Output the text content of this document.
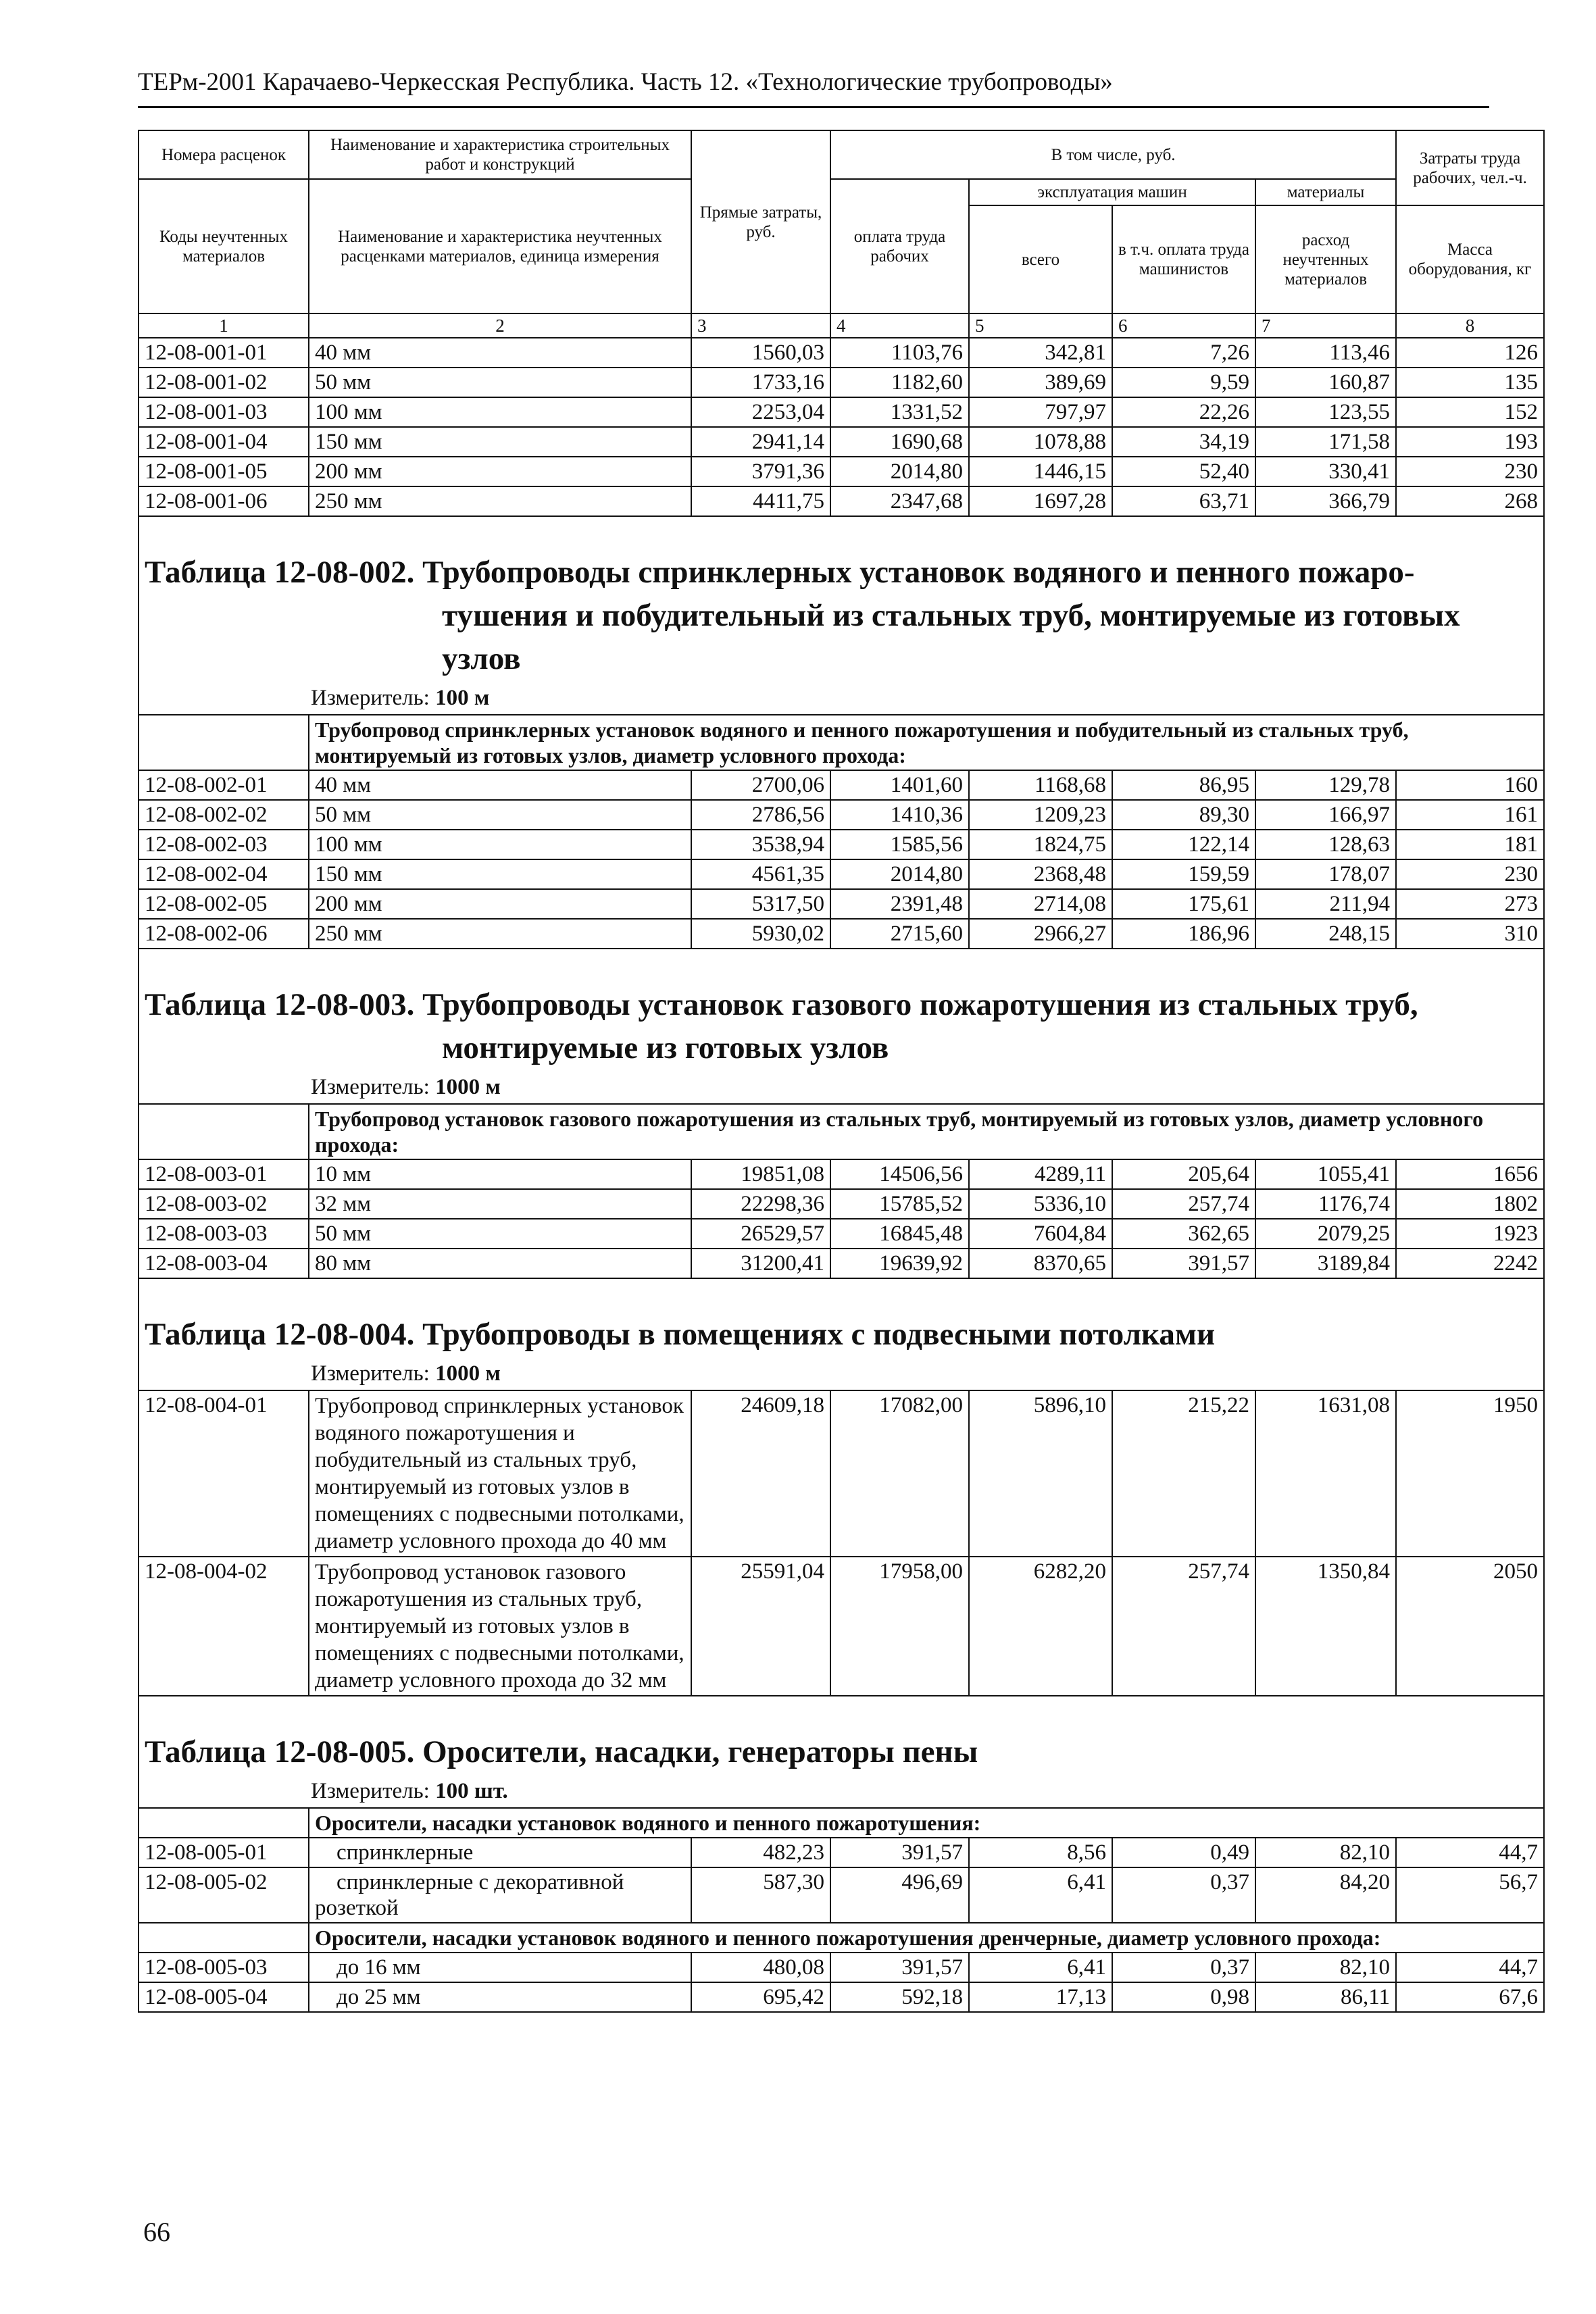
ТЕРм-2001 Карачаево-Черкесская Республика. Часть 12. «Технологические трубопроводы»
Номера расценок	Наименование и характеристика строительных работ и конструкций	Прямые затраты, руб.	В том числе, руб.				Затраты труда рабочих, чел.-ч.
Коды неучтенных материалов	Наименование и характеристика неучтенных расценками материалов, единица измерения		оплата труда рабочих	эксплуатация машин		материалы	
				всего	в т.ч. оплата труда машинистов	расход неучтенных материалов	Масса оборудования, кг
1	2	3	4	5	6	7	8
12-08-001-01	40 мм	1560,03	1103,76	342,81	7,26	113,46	126
12-08-001-02	50 мм	1733,16	1182,60	389,69	9,59	160,87	135
12-08-001-03	100 мм	2253,04	1331,52	797,97	22,26	123,55	152
12-08-001-04	150 мм	2941,14	1690,68	1078,88	34,19	171,58	193
12-08-001-05	200 мм	3791,36	2014,80	1446,15	52,40	330,41	230
12-08-001-06	250 мм	4411,75	2347,68	1697,28	63,71	366,79	268
Таблица 12-08-002. Трубопроводы спринклерных установок водяного и пенного пожаро-
тушения и побудительный из стальных труб, монтируемые из готовых узлов							

Измеритель: 100 м							
	Трубопровод спринклерных установок водяного и пенного пожаротушения и побудительный из стальных труб, монтируемый из готовых узлов, диаметр условного прохода:						
12-08-002-01	40 мм	2700,06	1401,60	1168,68	86,95	129,78	160
12-08-002-02	50 мм	2786,56	1410,36	1209,23	89,30	166,97	161
12-08-002-03	100 мм	3538,94	1585,56	1824,75	122,14	128,63	181
12-08-002-04	150 мм	4561,35	2014,80	2368,48	159,59	178,07	230
12-08-002-05	200 мм	5317,50	2391,48	2714,08	175,61	211,94	273
12-08-002-06	250 мм	5930,02	2715,60	2966,27	186,96	248,15	310
Таблица 12-08-003. Трубопроводы установок газового пожаротушения из стальных труб,
монтируемые из готовых узлов							

Измеритель: 1000 м							
	Трубопровод установок газового пожаротушения из стальных труб, монтируемый из готовых узлов, диаметр условного прохода:						
12-08-003-01	10 мм	19851,08	14506,56	4289,11	205,64	1055,41	1656
12-08-003-02	32 мм	22298,36	15785,52	5336,10	257,74	1176,74	1802
12-08-003-03	50 мм	26529,57	16845,48	7604,84	362,65	2079,25	1923
12-08-003-04	80 мм	31200,41	19639,92	8370,65	391,57	3189,84	2242
Таблица 12-08-004. Трубопроводы в помещениях с подвесными потолками							
Измеритель: 1000 м							
12-08-004-01	Трубопровод спринклерных установок водяного пожаротушения и побудительный из стальных труб, монтируемый из готовых узлов в помещениях с подвесными потолками, диаметр условного прохода до 40 мм	24609,18	17082,00	5896,10	215,22	1631,08	1950
12-08-004-02	Трубопровод установок газового пожаротушения из стальных труб, монтируемый из готовых узлов в помещениях с подвесными потолками, диаметр условного прохода до 32 мм	25591,04	17958,00	6282,20	257,74	1350,84	2050
Таблица 12-08-005. Оросители, насадки, генераторы пены							
Измеритель: 100 шт.							
	Оросители, насадки установок водяного и пенного пожаротушения:						
12-08-005-01	спринклерные	482,23	391,57	8,56	0,49	82,10	44,7
12-08-005-02	спринклерные с декоративной розеткой	587,30	496,69	6,41	0,37	84,20	56,7
	Оросители, насадки установок водяного и пенного пожаротушения дренчерные, диаметр условного прохода:						
12-08-005-03	до 16 мм	480,08	391,57	6,41	0,37	82,10	44,7
12-08-005-04	до 25 мм	695,42	592,18	17,13	0,98	86,11	67,6
66
